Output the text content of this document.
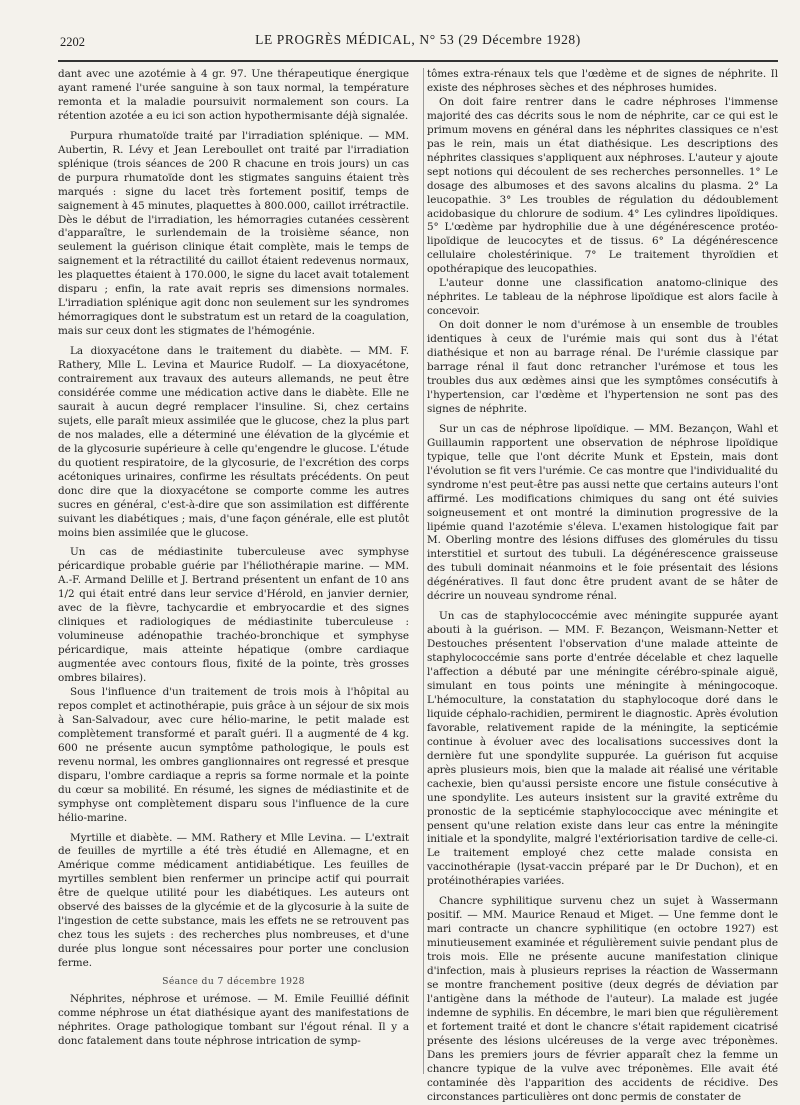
2202	LE PROGRÈS MÉDICAL, N° 53 (29 Décembre 1928)

dant avec une azotémie à 4 gr. 97. Une thérapeutique énergique ayant ramené l'urée sanguine à son taux normal, la température remonta et la maladie poursuivit normalement son cours. La rétention azotée a eu ici son action hypothermisante déjà signalée.

Purpura rhumatoïde traité par l'irradiation splénique. — MM. Aubertin, R. Lévy et Jean Lereboullet ont traité par l'irradiation splénique (trois séances de 200 R chacune en trois jours) un cas de purpura rhumatoïde dont les stigmates sanguins étaient très marqués : signe du lacet très fortement positif, temps de saignement à 45 minutes, plaquettes à 800.000, caillot irrétractile. Dès le début de l'irradiation, les hémorragies cutanées cessèrent d'apparaître, le surlendemain de la troisième séance, non seulement la guérison clinique était complète, mais le temps de saignement et la rétractilité du caillot étaient redevenus normaux, les plaquettes étaient à 170.000, le signe du lacet avait totalement disparu ; enfin, la rate avait repris ses dimensions normales. L'irradiation splénique agit donc non seulement sur les syndromes hémorragiques dont le substratum est un retard de la coagulation, mais sur ceux dont les stigmates de l'hémogénie.

La dioxyacétone dans le traitement du diabète. — MM. F. Rathery, Mlle L. Levina et Maurice Rudolf. — La dioxyacétone, contrairement aux travaux des auteurs allemands, ne peut être considérée comme une médication active dans le diabète. Elle ne saurait à aucun degré remplacer l'insuline. Si, chez certains sujets, elle paraît mieux assimilée que le glucose, chez la plus part de nos malades, elle a déterminé une élévation de la glycémie et de la glycosurie supérieure à celle qu'engendre le glucose. L'étude du quotient respiratoire, de la glycosurie, de l'excrétion des corps acétoniques urinaires, confirme les résultats précédents. On peut donc dire que la dioxyacétone se comporte comme les autres sucres en général, c'est-à-dire que son assimilation est différente suivant les diabétiques ; mais, d'une façon générale, elle est plutôt moins bien assimilée que le glucose.

Un cas de médiastinite tuberculeuse avec symphyse péricardique probable guérie par l'héliothérapie marine. — MM. A.-F. Armand Delille et J. Bertrand présentent un enfant de 10 ans 1/2 qui était entré dans leur service d'Hérold, en janvier dernier, avec de la fièvre, tachycardie et embryocardie et des signes cliniques et radiologiques de médiastinite tuberculeuse : volumineuse adénopathie trachéo-bronchique et symphyse péricardique, mais atteinte hépatique (ombre cardiaque augmentée avec contours flous, fixité de la pointe, très grosses ombres bilaires).

Sous l'influence d'un traitement de trois mois à l'hôpital au repos complet et actinothérapie, puis grâce à un séjour de six mois à San-Salvadour, avec cure hélio-marine, le petit malade est complètement transformé et paraît guéri. Il a augmenté de 4 kg. 600 ne présente aucun symptôme pathologique, le pouls est revenu normal, les ombres ganglionnaires ont regressé et presque disparu, l'ombre cardiaque a repris sa forme normale et la pointe du cœur sa mobilité. En résumé, les signes de médiastinite et de symphyse ont complètement disparu sous l'influence de la cure hélio-marine.

Myrtille et diabète. — MM. Rathery et Mlle Levina. — L'extrait de feuilles de myrtille a été très étudié en Allemagne, et en Amérique comme médicament antidiabétique. Les feuilles de myrtilles semblent bien renfermer un principe actif qui pourrait être de quelque utilité pour les diabétiques. Les auteurs ont observé des baisses de la glycémie et de la glycosurie à la suite de l'ingestion de cette substance, mais les effets ne se retrouvent pas chez tous les sujets : des recherches plus nombreuses, et d'une durée plus longue sont nécessaires pour porter une conclusion ferme.

Séance du 7 décembre 1928

Néphrites, néphrose et urémose. — M. Emile Feuillié définit comme néphrose un état diathésique ayant des manifestations de néphrites. Orage pathologique tombant sur l'égout rénal. Il y a donc fatalement dans toute néphrose intrication de symp-

tômes extra-rénaux tels que l'œdème et de signes de néphrite. Il existe des néphroses sèches et des néphroses humides.

On doit faire rentrer dans le cadre néphroses l'immense majorité des cas décrits sous le nom de néphrite, car ce qui est le primum movens en général dans les néphrites classiques ce n'est pas le rein, mais un état diathésique. Les descriptions des néphrites classiques s'appliquent aux néphroses. L'auteur y ajoute sept notions qui découlent de ses recherches personnelles. 1° Le dosage des albumoses et des savons alcalins du plasma. 2° La leucopathie. 3° Les troubles de régulation du dédoublement acidobasique du chlorure de sodium. 4° Les cylindres lipoïdiques. 5° L'œdème par hydrophilie due à une dégénérescence protéo-lipoïdique de leucocytes et de tissus. 6° La dégénérescence cellulaire cholestérinique. 7° Le traitement thyroïdien et opothérapique des leucopathies.

L'auteur donne une classification anatomo-clinique des néphrites. Le tableau de la néphrose lipoïdique est alors facile à concevoir.

On doit donner le nom d'urémose à un ensemble de troubles identiques à ceux de l'urémie mais qui sont dus à l'état diathésique et non au barrage rénal. De l'urémie classique par barrage rénal il faut donc retrancher l'urémose et tous les troubles dus aux œdèmes ainsi que les symptômes consécutifs à l'hypertension, car l'œdème et l'hypertension ne sont pas des signes de néphrite.

Sur un cas de néphrose lipoïdique. — MM. Bezançon, Wahl et Guillaumin rapportent une observation de néphrose lipoïdique typique, telle que l'ont décrite Munk et Epstein, mais dont l'évolution se fit vers l'urémie. Ce cas montre que l'individualité du syndrome n'est peut-être pas aussi nette que certains auteurs l'ont affirmé. Les modifications chimiques du sang ont été suivies soigneusement et ont montré la diminution progressive de la lipémie quand l'azotémie s'éleva. L'examen histologique fait par M. Oberling montre des lésions diffuses des glomérules du tissu interstitiel et surtout des tubuli. La dégénérescence graisseuse des tubuli dominait néanmoins et le foie présentait des lésions dégénératives. Il faut donc être prudent avant de se hâter de décrire un nouveau syndrome rénal.

Un cas de staphylococcémie avec méningite suppurée ayant abouti à la guérison. — MM. F. Bezançon, Weismann-Netter et Destouches présentent l'observation d'une malade atteinte de staphylococcémie sans porte d'entrée décelable et chez laquelle l'affection a débuté par une méningite cérébro-spinale aiguë, simulant en tous points une méningite à méningocoque. L'hémoculture, la constatation du staphylocoque doré dans le liquide céphalo-rachidien, permirent le diagnostic. Après évolution favorable, relativement rapide de la méningite, la septicémie continue à évoluer avec des localisations successives dont la dernière fut une spondylite suppurée. La guérison fut acquise après plusieurs mois, bien que la malade ait réalisé une véritable cachexie, bien qu'aussi persiste encore une fistule consécutive à une spondylite. Les auteurs insistent sur la gravité extrême du pronostic de la septicémie staphylococcique avec méningite et pensent qu'une relation existe dans leur cas entre la méningite initiale et la spondylite, malgré l'extériorisation tardive de celle-ci. Le traitement employé chez cette malade consista en vaccinothérapie (lysat-vaccin préparé par le Dr Duchon), et en protéinothérapies variées.

Chancre syphilitique survenu chez un sujet à Wassermann positif. — MM. Maurice Renaud et Miget. — Une femme dont le mari contracte un chancre syphilitique (en octobre 1927) est minutieusement examinée et régulièrement suivie pendant plus de trois mois. Elle ne présente aucune manifestation clinique d'infection, mais à plusieurs reprises la réaction de Wassermann se montre franchement positive (deux degrés de déviation par l'antigène dans la méthode de l'auteur). La malade est jugée indemne de syphilis. En décembre, le mari bien que régulièrement et fortement traité et dont le chancre s'était rapidement cicatrisé présente des lésions ulcéreuses de la verge avec tréponèmes. Dans les premiers jours de février apparaît chez la femme un chancre typique de la vulve avec tréponèmes. Elle avait été contaminée dès l'apparition des accidents de récidive. Des circonstances particulières ont donc permis de constater de
